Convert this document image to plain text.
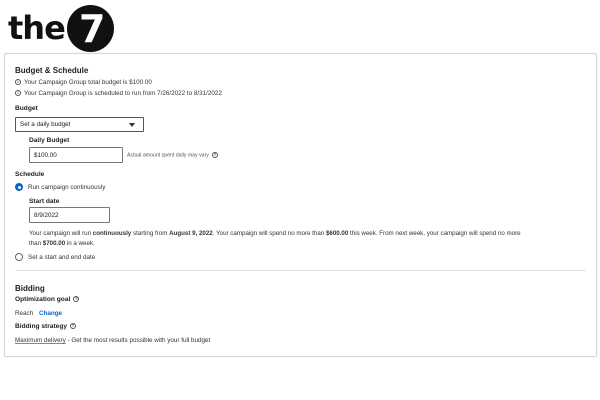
the 7
Budget & Schedule
i Your Campaign Group total budget is $100.00
i Your Campaign Group is scheduled to run from 7/26/2022 to 8/31/2022
Budget
Set a daily budget
Daily Budget
$100.00	Actual amount spent daily may vary ?
Schedule
Run campaign continuously
Start date
8/9/2022
Your campaign will run continuously starting from August 9, 2022. Your campaign will spend no more than $600.00 this week. From next week, your campaign will spend no more
than $700.00 in a week.
Set a start and end date
Bidding
Optimization goal ?
Reach Change
Bidding strategy ?
Maximum delivery - Get the most results possible with your full budget
